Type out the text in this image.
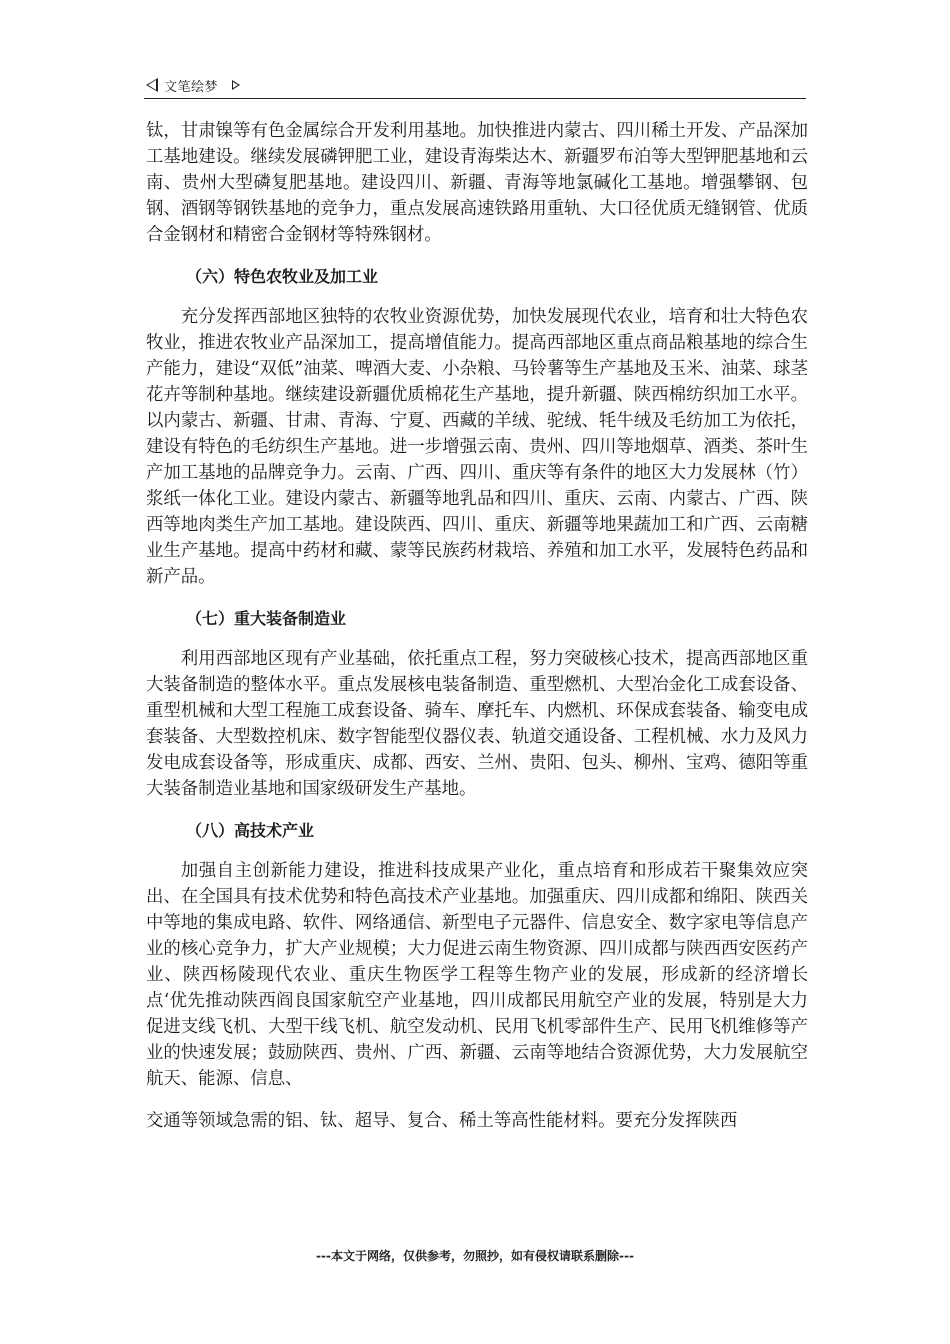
文笔绘梦

钛，甘肃镍等有色金属综合开发利用基地。加快推进内蒙古、四川稀土开发、产品深加工基地建设。继续发展磷钾肥工业，建设青海柴达木、新疆罗布泊等大型钾肥基地和云南、贵州大型磷复肥基地。建设四川、新疆、青海等地氯碱化工基地。增强攀钢、包钢、酒钢等钢铁基地的竞争力，重点发展高速铁路用重轨、大口径优质无缝钢管、优质合金钢材和精密合金钢材等特殊钢材。

（六）特色农牧业及加工业

充分发挥西部地区独特的农牧业资源优势，加快发展现代农业，培育和壮大特色农牧业，推进农牧业产品深加工，提高增值能力。提高西部地区重点商品粮基地的综合生产能力，建设“双低”油菜、啤酒大麦、小杂粮、马铃薯等生产基地及玉米、油菜、球茎花卉等制种基地。继续建设新疆优质棉花生产基地，提升新疆、陕西棉纺织加工水平。以内蒙古、新疆、甘肃、青海、宁夏、西藏的羊绒、驼绒、牦牛绒及毛纺加工为依托，建设有特色的毛纺织生产基地。进一步增强云南、贵州、四川等地烟草、酒类、茶叶生产加工基地的品牌竞争力。云南、广西、四川、重庆等有条件的地区大力发展林（竹）浆纸一体化工业。建设内蒙古、新疆等地乳品和四川、重庆、云南、内蒙古、广西、陕西等地肉类生产加工基地。建设陕西、四川、重庆、新疆等地果蔬加工和广西、云南糖业生产基地。提高中药材和藏、蒙等民族药材栽培、养殖和加工水平，发展特色药品和新产品。

（七）重大装备制造业

利用西部地区现有产业基础，依托重点工程，努力突破核心技术，提高西部地区重大装备制造的整体水平。重点发展核电装备制造、重型燃机、大型冶金化工成套设备、重型机械和大型工程施工成套设备、骑车、摩托车、内燃机、环保成套装备、输变电成套装备、大型数控机床、数字智能型仪器仪表、轨道交通设备、工程机械、水力及风力发电成套设备等，形成重庆、成都、西安、兰州、贵阳、包头、柳州、宝鸡、德阳等重大装备制造业基地和国家级研发生产基地。

（八）高技术产业

加强自主创新能力建设，推进科技成果产业化，重点培育和形成若干聚集效应突出、在全国具有技术优势和特色高技术产业基地。加强重庆、四川成都和绵阳、陕西关中等地的集成电路、软件、网络通信、新型电子元器件、信息安全、数字家电等信息产业的核心竞争力，扩大产业规模；大力促进云南生物资源、四川成都与陕西西安医药产业、陕西杨陵现代农业、重庆生物医学工程等生物产业的发展，形成新的经济增长点‘优先推动陕西阎良国家航空产业基地，四川成都民用航空产业的发展，特别是大力促进支线飞机、大型干线飞机、航空发动机、民用飞机零部件生产、民用飞机维修等产业的快速发展；鼓励陕西、贵州、广西、新疆、云南等地结合资源优势，大力发展航空航天、能源、信息、

交通等领域急需的铝、钛、超导、复合、稀土等高性能材料。要充分发挥陕西

---本文于网络，仅供参考，勿照抄，如有侵权请联系删除---
